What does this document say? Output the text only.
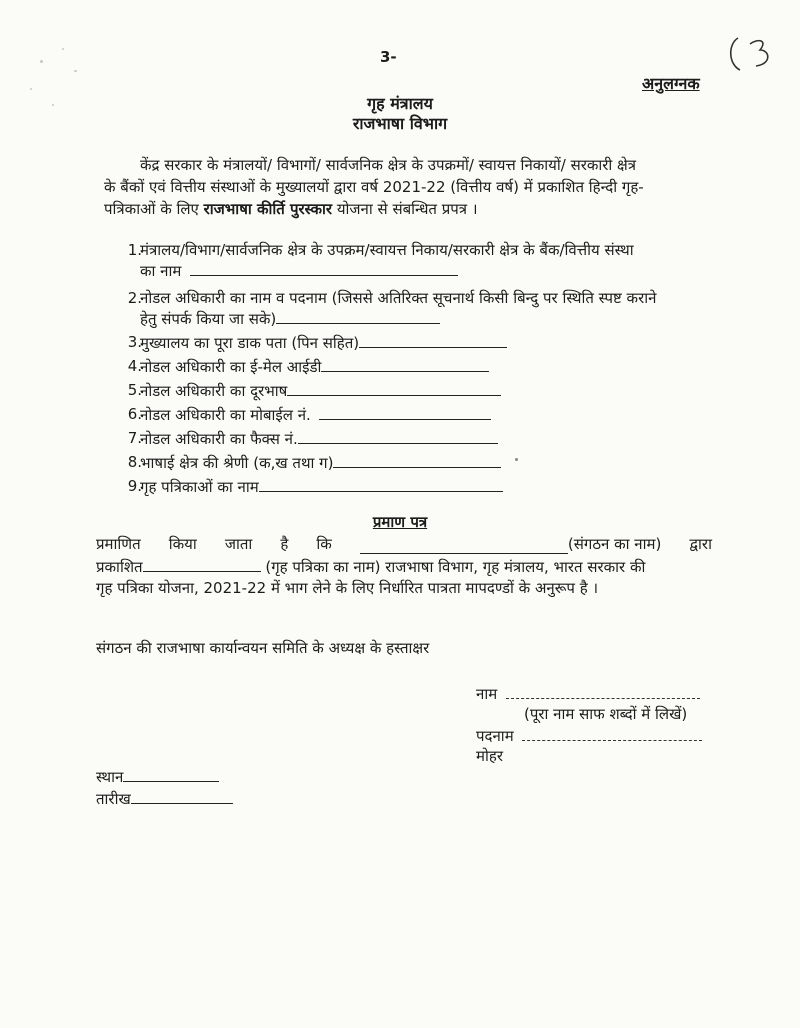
3-
अनुलग्नक
गृह मंत्रालय
राजभाषा विभाग
केंद्र सरकार के मंत्रालयों/ विभागों/ सार्वजनिक क्षेत्र के उपक्रमों/ स्वायत्त निकायों/ सरकारी क्षेत्र
के बैंकों एवं वित्तीय संस्थाओं के मुख्यालयों द्वारा वर्ष 2021-22 (वित्तीय वर्ष) में प्रकाशित हिन्दी गृह-
पत्रिकाओं के लिए राजभाषा कीर्ति पुरस्कार योजना से संबन्धित प्रपत्र ।
1.
मंत्रालय/विभाग/सार्वजनिक क्षेत्र के उपक्रम/स्वायत्त निकाय/सरकारी क्षेत्र के बैंक/वित्तीय संस्था
का नाम
2.
नोडल अधिकारी का नाम व पदनाम (जिससे अतिरिक्त सूचनार्थ किसी बिन्दु पर स्थिति स्पष्ट कराने
हेतु संपर्क किया जा सके)
3.
मुख्यालय का पूरा डाक पता (पिन सहित)
4.
नोडल अधिकारी का ई-मेल आईडी
5.
नोडल अधिकारी का दूरभाष
6.
नोडल अधिकारी का मोबाईल नं.
7.
नोडल अधिकारी का फैक्स नं.
8.
भाषाई क्षेत्र की श्रेणी (क,ख तथा ग)
9.
गृह पत्रिकाओं का नाम
प्रमाण पत्र
प्रमाणित किया जाता है कि	(संगठन का नाम) द्वारा
प्रकाशित	(गृह पत्रिका का नाम) राजभाषा विभाग, गृह मंत्रालय, भारत सरकार की
गृह पत्रिका योजना, 2021-22 में भाग लेने के लिए निर्धारित पात्रता मापदण्डों के अनुरूप है ।
संगठन की राजभाषा कार्यान्वयन समिति के अध्यक्ष के हस्ताक्षर
नाम
(पूरा नाम साफ शब्दों में लिखें)
पदनाम
मोहर
स्थान
तारीख
